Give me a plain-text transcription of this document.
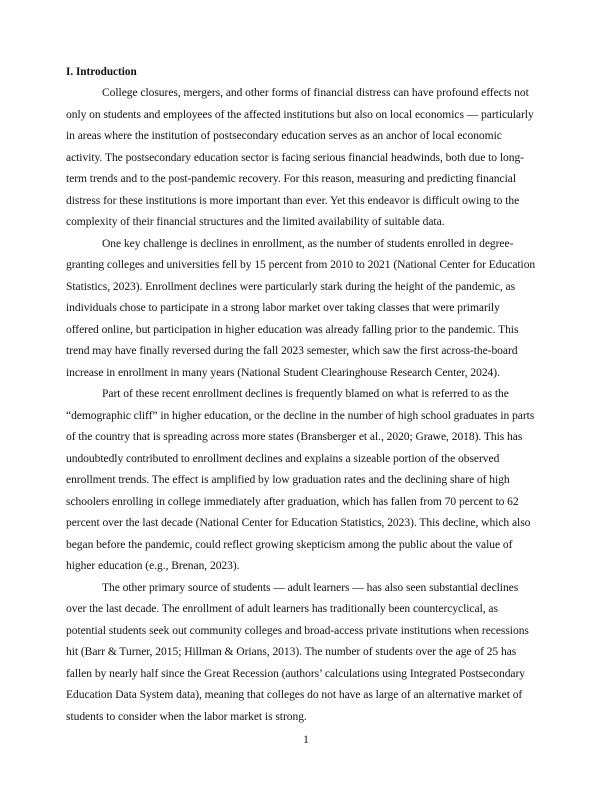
I. Introduction
College closures, mergers, and other forms of financial distress can have profound effects not
only on students and employees of the affected institutions but also on local economics — particularly
in areas where the institution of postsecondary education serves as an anchor of local economic
activity. The postsecondary education sector is facing serious financial headwinds, both due to long-
term trends and to the post-pandemic recovery. For this reason, measuring and predicting financial
distress for these institutions is more important than ever. Yet this endeavor is difficult owing to the
complexity of their financial structures and the limited availability of suitable data.
One key challenge is declines in enrollment, as the number of students enrolled in degree-
granting colleges and universities fell by 15 percent from 2010 to 2021 (National Center for Education
Statistics, 2023). Enrollment declines were particularly stark during the height of the pandemic, as
individuals chose to participate in a strong labor market over taking classes that were primarily
offered online, but participation in higher education was already falling prior to the pandemic. This
trend may have finally reversed during the fall 2023 semester, which saw the first across-the-board
increase in enrollment in many years (National Student Clearinghouse Research Center, 2024).
Part of these recent enrollment declines is frequently blamed on what is referred to as the
“demographic cliff” in higher education, or the decline in the number of high school graduates in parts
of the country that is spreading across more states (Bransberger et al., 2020; Grawe, 2018). This has
undoubtedly contributed to enrollment declines and explains a sizeable portion of the observed
enrollment trends. The effect is amplified by low graduation rates and the declining share of high
schoolers enrolling in college immediately after graduation, which has fallen from 70 percent to 62
percent over the last decade (National Center for Education Statistics, 2023). This decline, which also
began before the pandemic, could reflect growing skepticism among the public about the value of
higher education (e.g., Brenan, 2023).
The other primary source of students — adult learners — has also seen substantial declines
over the last decade. The enrollment of adult learners has traditionally been countercyclical, as
potential students seek out community colleges and broad-access private institutions when recessions
hit (Barr & Turner, 2015; Hillman & Orians, 2013). The number of students over the age of 25 has
fallen by nearly half since the Great Recession (authors’ calculations using Integrated Postsecondary
Education Data System data), meaning that colleges do not have as large of an alternative market of
students to consider when the labor market is strong.
1
